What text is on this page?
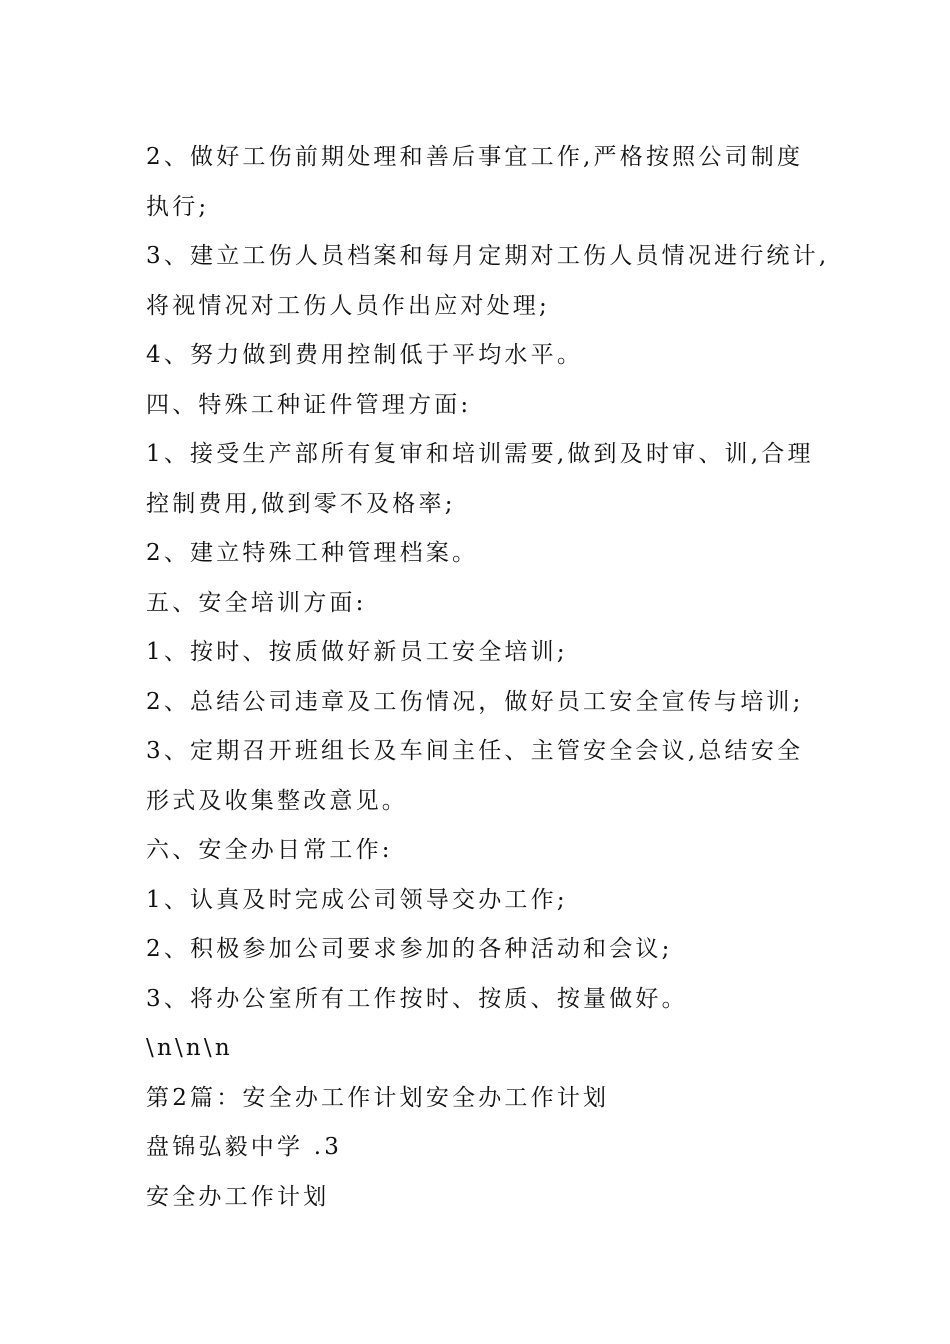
2、做好工伤前期处理和善后事宜工作,严格按照公司制度
执行;
3、建立工伤人员档案和每月定期对工伤人员情况进行统计,
将视情况对工伤人员作出应对处理;
4、努力做到费用控制低于平均水平。
四、特殊工种证件管理方面:
1、接受生产部所有复审和培训需要,做到及时审、训,合理
控制费用,做到零不及格率;
2、建立特殊工种管理档案。
五、安全培训方面:
1、按时、按质做好新员工安全培训;
2、总结公司违章及工伤情况，做好员工安全宣传与培训;
3、定期召开班组长及车间主任、主管安全会议,总结安全
形式及收集整改意见。
六、安全办日常工作:
1、认真及时完成公司领导交办工作;
2、积极参加公司要求参加的各种活动和会议;
3、将办公室所有工作按时、按质、按量做好。
\n\n\n
第2篇：安全办工作计划安全办工作计划
盘锦弘毅中学 .3
安全办工作计划
